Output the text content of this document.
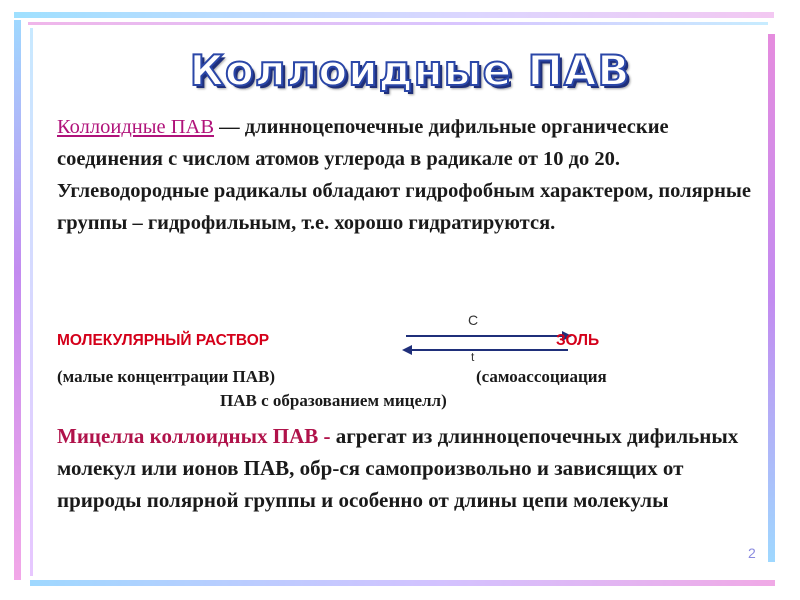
Коллоидные ПАВ
Коллоидные ПАВ — длинноцепочечные дифильные органические соединения с числом атомов углерода в радикале от 10 до 20.
Углеводородные радикалы обладают гидрофобным характером, полярные группы – гидрофильным, т.е. хорошо гидратируются.
МОЛЕКУЛЯРНЫЙ РАСТВОР
C
t
ЗОЛЬ
(малые концентрации ПАВ)	(самоассоциация
ПАВ с образованием мицелл)
Мицелла коллоидных ПАВ - агрегат из длинноцепочечных дифильных молекул или ионов ПАВ, обр-ся самопроизвольно и зависящих от природы полярной группы и особенно от длины цепи молекулы
2
